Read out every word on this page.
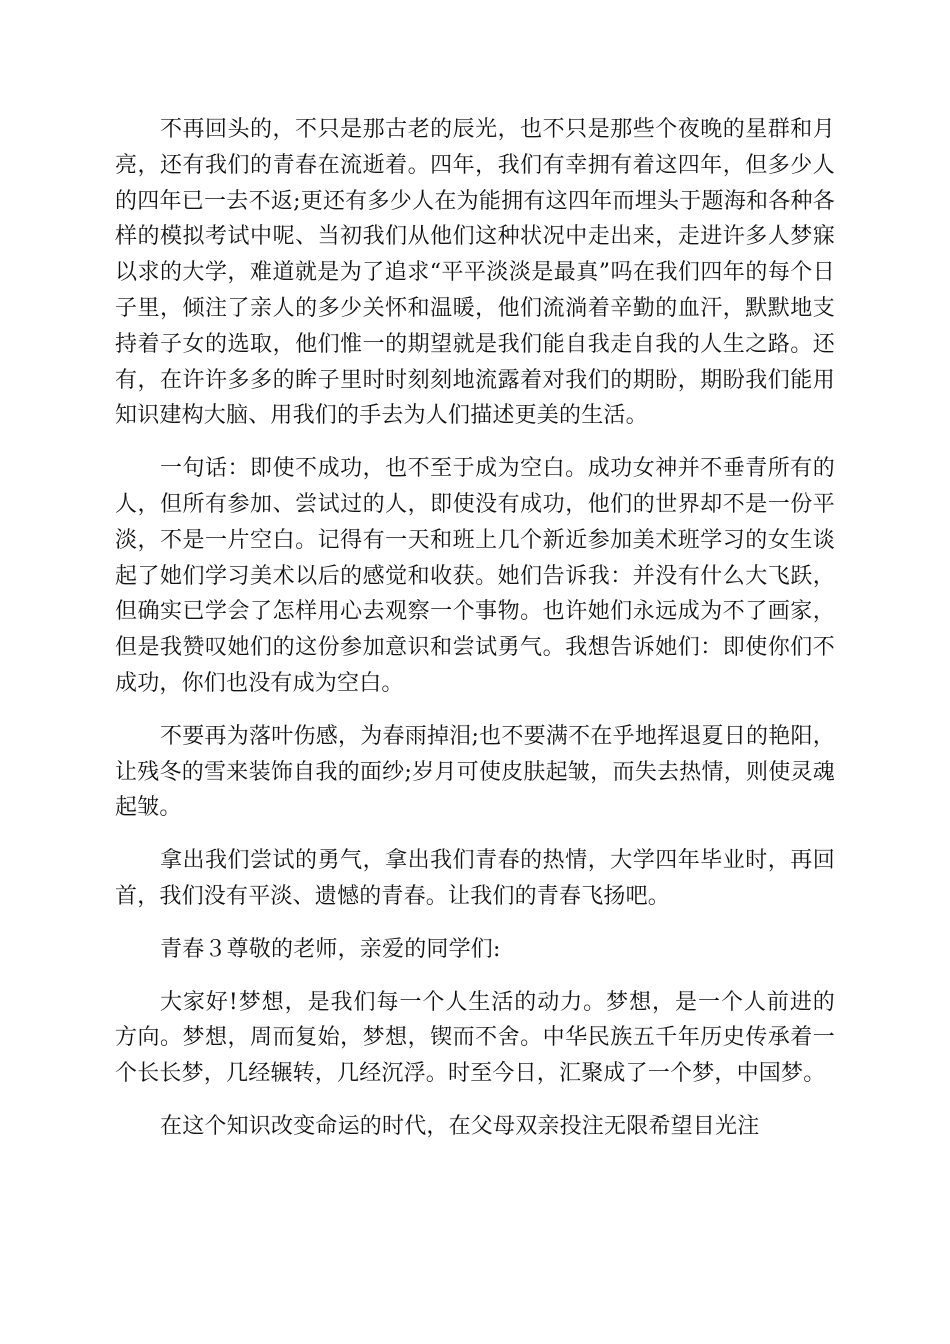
不再回头的，不只是那古老的辰光，也不只是那些个夜晚的星群和月亮，还有我们的青春在流逝着。四年，我们有幸拥有着这四年，但多少人的四年已一去不返;更还有多少人在为能拥有这四年而埋头于题海和各种各样的模拟考试中呢、当初我们从他们这种状况中走出来，走进许多人梦寐以求的大学，难道就是为了追求“平平淡淡是最真”吗在我们四年的每个日子里，倾注了亲人的多少关怀和温暖，他们流淌着辛勤的血汗，默默地支持着子女的选取，他们惟一的期望就是我们能自我走自我的人生之路。还有，在许许多多的眸子里时时刻刻地流露着对我们的期盼，期盼我们能用知识建构大脑、用我们的手去为人们描述更美的生活。

一句话：即使不成功，也不至于成为空白。成功女神并不垂青所有的人，但所有参加、尝试过的人，即使没有成功，他们的世界却不是一份平淡，不是一片空白。记得有一天和班上几个新近参加美术班学习的女生谈起了她们学习美术以后的感觉和收获。她们告诉我：并没有什么大飞跃，但确实已学会了怎样用心去观察一个事物。也许她们永远成为不了画家，但是我赞叹她们的这份参加意识和尝试勇气。我想告诉她们：即使你们不成功，你们也没有成为空白。

不要再为落叶伤感，为春雨掉泪;也不要满不在乎地挥退夏日的艳阳，让残冬的雪来装饰自我的面纱;岁月可使皮肤起皱，而失去热情，则使灵魂起皱。

拿出我们尝试的勇气，拿出我们青春的热情，大学四年毕业时，再回首，我们没有平淡、遗憾的青春。让我们的青春飞扬吧。

青春３尊敬的老师，亲爱的同学们:

大家好!梦想，是我们每一个人生活的动力。梦想，是一个人前进的方向。梦想，周而复始，梦想，锲而不舍。中华民族五千年历史传承着一个长长梦，几经辗转，几经沉浮。时至今日，汇聚成了一个梦，中国梦。

在这个知识改变命运的时代，在父母双亲投注无限希望目光注
